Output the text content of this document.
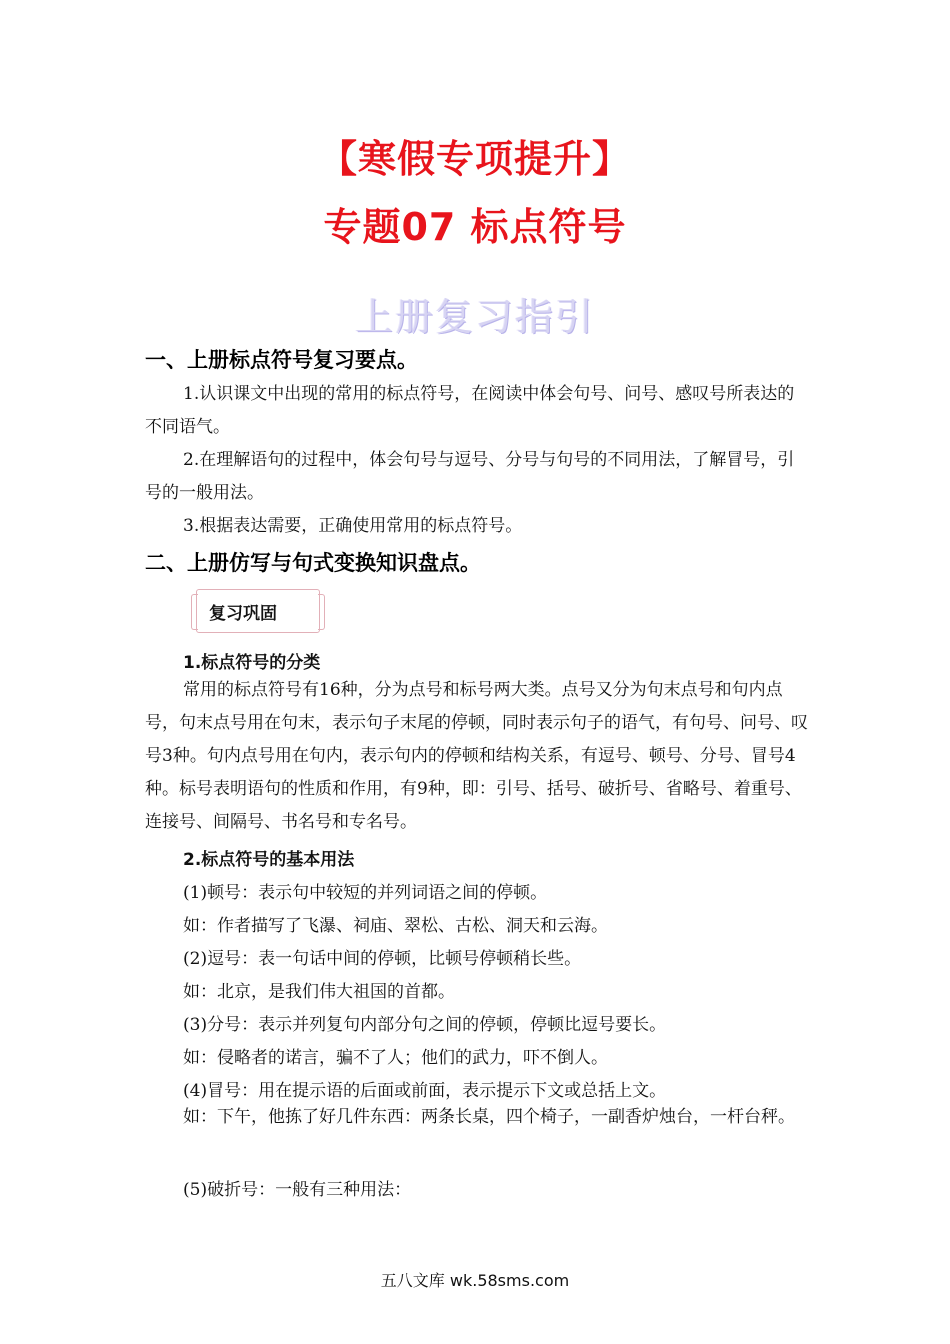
【寒假专项提升】
专题07 标点符号
上册复习指引
一、上册标点符号复习要点。
1.认识课文中出现的常用的标点符号，在阅读中体会句号、问号、感叹号所表达的不同语气。
2.在理解语句的过程中，体会句号与逗号、分号与句号的不同用法，了解冒号，引号的一般用法。
3.根据表达需要，正确使用常用的标点符号。
二、上册仿写与句式变换知识盘点。
复习巩固
1.标点符号的分类
常用的标点符号有16种，分为点号和标号两大类。点号又分为句末点号和句内点号，句末点号用在句末，表示句子末尾的停顿，同时表示句子的语气，有句号、问号、叹号3种。句内点号用在句内，表示句内的停顿和结构关系，有逗号、顿号、分号、冒号4种。标号表明语句的性质和作用，有9种，即：引号、括号、破折号、省略号、着重号、连接号、间隔号、书名号和专名号。
2.标点符号的基本用法
(1)顿号：表示句中较短的并列词语之间的停顿。
如：作者描写了飞瀑、祠庙、翠松、古松、洞天和云海。
(2)逗号：表一句话中间的停顿，比顿号停顿稍长些。
如：北京，是我们伟大祖国的首都。
(3)分号：表示并列复句内部分句之间的停顿，停顿比逗号要长。
如：侵略者的诺言，骗不了人；他们的武力，吓不倒人。
(4)冒号：用在提示语的后面或前面，表示提示下文或总括上文。
如：下午，他拣了好几件东西：两条长桌，四个椅子，一副香炉烛台，一杆台秤。
(5)破折号：一般有三种用法：
五八文库 wk.58sms.com
